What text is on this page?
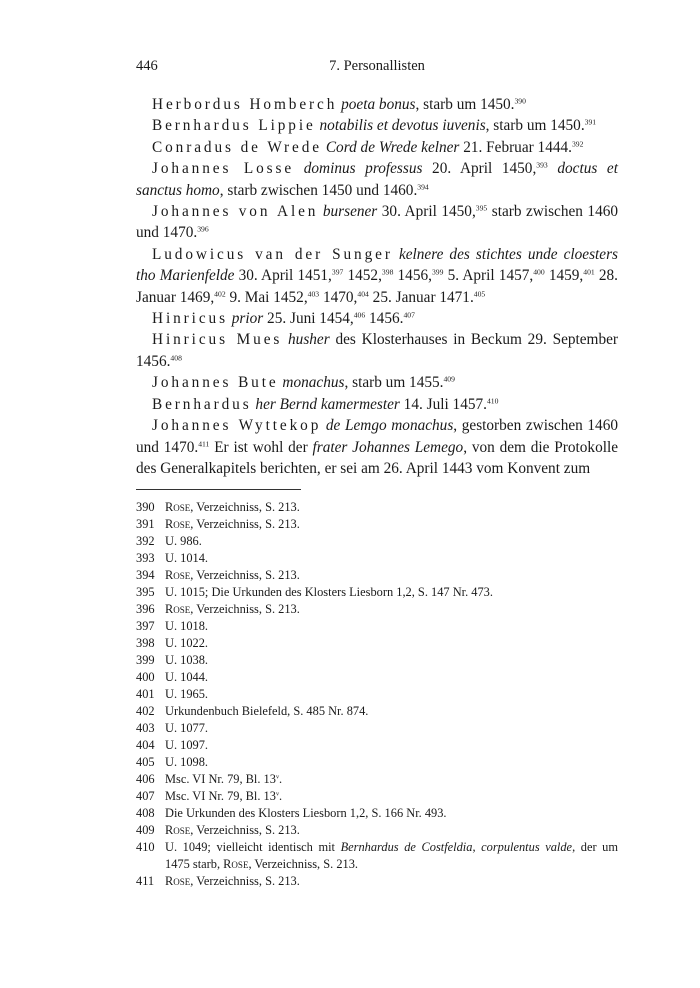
446	7. Personallisten

Herbordus Homberch poeta bonus, starb um 1450.$^{390}$

Bernhardus Lippie notabilis et devotus iuvenis, starb um 1450.$^{391}$

Conradus de Wrede Cord de Wrede kelner 21. Februar 1444.$^{392}$

Johannes Losse dominus professus 20. April 1450,$^{393}$ doctus et sanctus homo, starb zwischen 1450 und 1460.$^{394}$

Johannes von Alen bursener 30. April 1450,$^{395}$ starb zwischen 1460 und 1470.$^{396}$

Ludowicus van der Sunger kelnere des stichtes unde cloesters tho Marienfelde 30. April 1451,$^{397}$ 1452,$^{398}$ 1456,$^{399}$ 5. April 1457,$^{400}$ 1459,$^{401}$ 28. Januar 1469,$^{402}$ 9. Mai 1452,$^{403}$ 1470,$^{404}$ 25. Januar 1471.$^{405}$

Hinricus prior 25. Juni 1454,$^{406}$ 1456.$^{407}$

Hinricus Mues husher des Klosterhauses in Beckum 29. September 1456.$^{408}$

Johannes Bute monachus, starb um 1455.$^{409}$

Bernhardus her Bernd kamermester 14. Juli 1457.$^{410}$

Johannes Wyttekop de Lemgo monachus, gestorben zwischen 1460 und 1470.$^{411}$ Er ist wohl der frater Johannes Lemego, von dem die Protokolle des Generalkapitels berichten, er sei am 26. April 1443 vom Konvent zum

390 Rose, Verzeichniss, S. 213.
391 Rose, Verzeichniss, S. 213.
392 U. 986.
393 U. 1014.
394 Rose, Verzeichniss, S. 213.
395 U. 1015; Die Urkunden des Klosters Liesborn 1,2, S. 147 Nr. 473.
396 Rose, Verzeichniss, S. 213.
397 U. 1018.
398 U. 1022.
399 U. 1038.
400 U. 1044.
401 U. 1965.
402 Urkundenbuch Bielefeld, S. 485 Nr. 874.
403 U. 1077.
404 U. 1097.
405 U. 1098.
406 Msc. VI Nr. 79, Bl. 13$^v$.
407 Msc. VI Nr. 79, Bl. 13$^v$.
408 Die Urkunden des Klosters Liesborn 1,2, S. 166 Nr. 493.
409 Rose, Verzeichniss, S. 213.
410 U. 1049; vielleicht identisch mit Bernhardus de Costfeldia, corpulentus valde, der um 1475 starb, Rose, Verzeichniss, S. 213.
411 Rose, Verzeichniss, S. 213.
